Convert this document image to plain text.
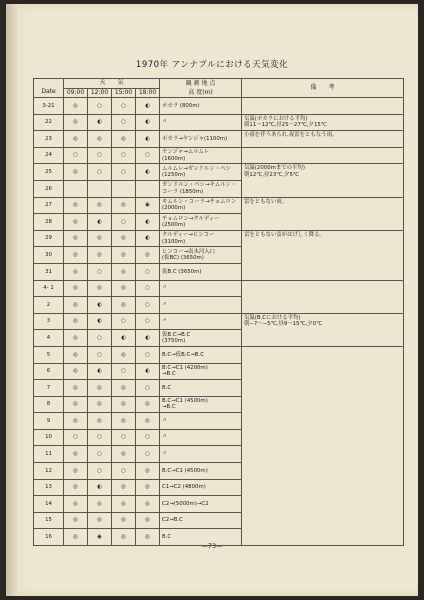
1970年 アンナプルにおける天気変化
	天　　気				観 測 地 点
高 度(m)	備　　考
Date	09:00	12:00	15:00	18:00		
3-21	◎	○	○	◐	ポカラ (800m)	
22	◎	◐	○	◐	〃	気温(ポカラにおける平均)
朝11〜12℃,昼25〜27℃,夕15℃
23	◎	◎	◎	◐	ポカラ→ヤンジャ(1100m)	小雨を伴うあられ,夜雷をともなう雨。
24	○	○	○	○	ヤンジャ→ムルムレ
(1600m)	
25	◎	○	○	◐	ムルムレ→ガンドルン・ペシ
(1250m)	気温(2000mまでの平均)
朝12℃,昼23℃,夕5℃
26					ガンドルン・ペシ→キムルン・
コーラ (1850m)	
27	◎	◎	◎	◉	キムルン・コーラ→チョムロン
(2000m)	雷をともない雨。
28	◎	◐	○	◐	チョムロン→クルディー
(2500m)	
29	◎	◎	◎	◐	クルディー→ヒンコー
(3100m)	雷をともない雷がはげしく降る。
30	◎	◎	◎	◎	ヒンコー→南氷河入口
(仮BC) (3650m)	
31	◎	○	◎	○	仮B.C (3650m)	
4- 1	◎	◎	◎	○	〃	
2	◎	◐	◎	○	〃	
3	◎	◐	○	○	〃	気温(B.Cにおける平均)
朝−7〜−5℃,昼9〜15℃,夕0℃
4	◎	○	◐	◐	仮B.C→B.C
(3750m)	
5	◎	○	◎	○	B.C→仮B.C→B.C	
6	◎	◐	○	◐	B.C→C1 (4200m)
→B.C	
7	◎	◎	◎	○	B.C	
8	◎	◎	◎	◎	B.C→C1 (4500m)
→B.C	
9	◎	◎	◎	◎	〃	
10	○	○	○	○	〃	
11	◎	○	◎	○	〃	
12	◎	○	○	◎	B.C→C1 (4500m)	
13	◎	◐	◎	◎	C1→C2 (4800m)	
14	◎	◎	◎	◎	C2→(5000m)→C2	
15	◎	◎	◎	◎	C2→B.C	
16	◎	◉	◎	◎	B.C	
—73—
